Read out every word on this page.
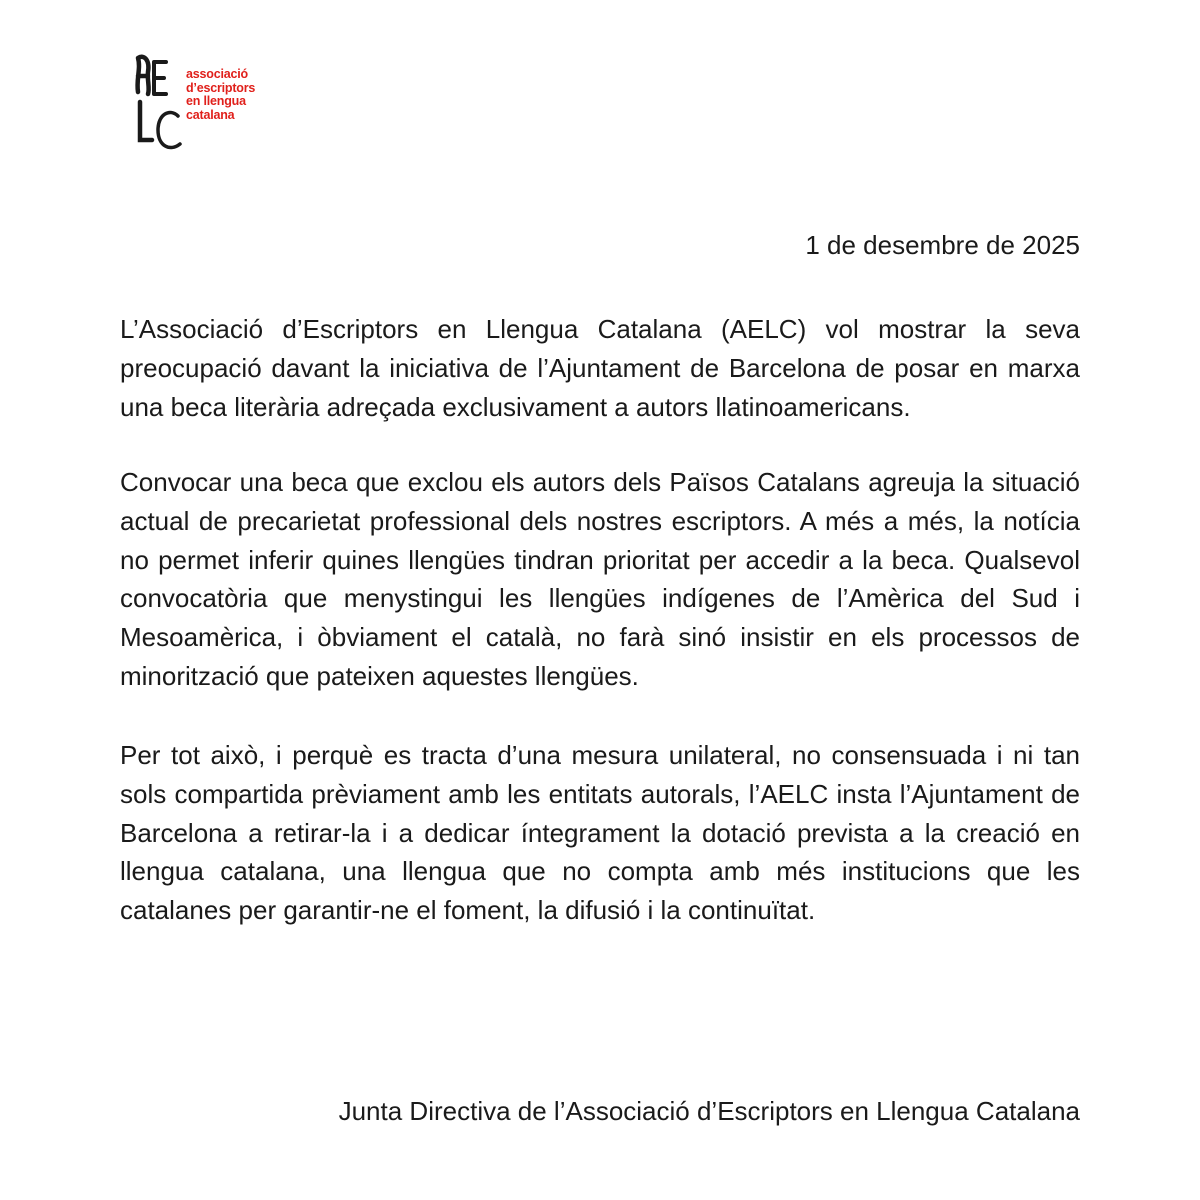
associació
d’escriptors
en llengua
catalana
1 de desembre de 2025

L’Associació d’Escriptors en Llengua Catalana (AELC) vol mostrar la seva preocupació davant la iniciativa de l’Ajuntament de Barcelona de posar en marxa una beca literària adreçada exclusivament a autors llatinoamericans.

Convocar una beca que exclou els autors dels Països Catalans agreuja la situació actual de precarietat professional dels nostres escriptors. A més a més, la notícia no permet inferir quines llengües tindran prioritat per accedir a la beca. Qualsevol convocatòria que menystingui les llengües indígenes de l’Amèrica del Sud i Mesoamèrica, i òbviament el català, no farà sinó insistir en els processos de minorització que pateixen aquestes llengües.

Per tot això, i perquè es tracta d’una mesura unilateral, no consensuada i ni tan sols compartida prèviament amb les entitats autorals, l’AELC insta l’Ajuntament de Barcelona a retirar-la i a dedicar íntegrament la dotació prevista a la creació en llengua catalana, una llengua que no compta amb més institucions que les catalanes per garantir-ne el foment, la difusió i la continuïtat.

Junta Directiva de l’Associació d’Escriptors en Llengua Catalana
